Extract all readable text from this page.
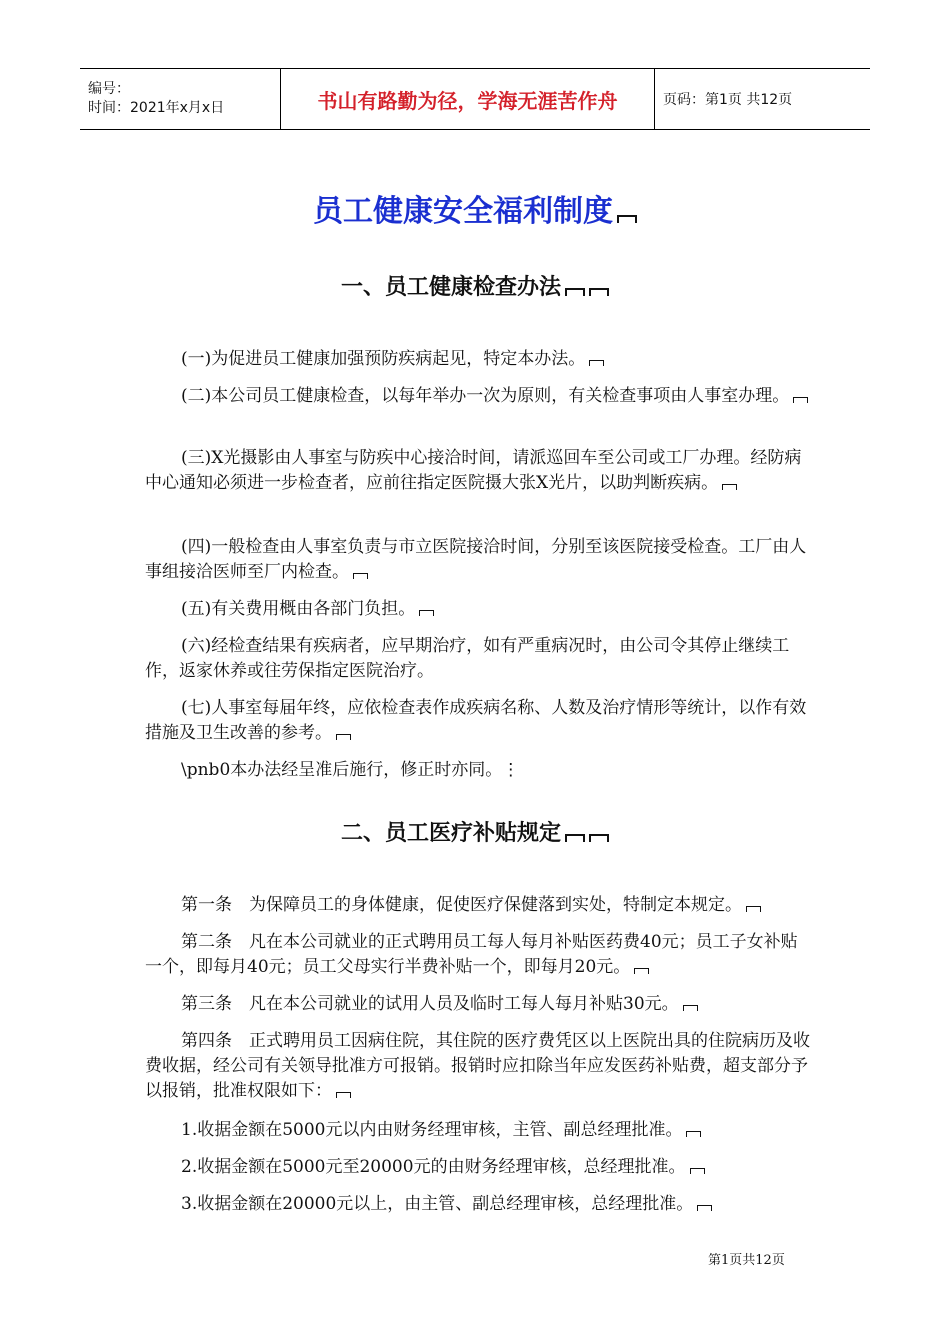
编号：
时间：2021年x月x日	书山有路勤为径，学海无涯苦作舟	页码：第1页 共12页
员工健康安全福利制度
一、员工健康检查办法

(一)为促进员工健康加强预防疾病起见，特定本办法。

(二)本公司员工健康检查，以每年举办一次为原则，有关检查事项由人事室办理。

(三)X光摄影由人事室与防疾中心接洽时间，请派巡回车至公司或工厂办理。经防病中心通知必须进一步检查者，应前往指定医院摄大张X光片，以助判断疾病。

(四)一般检查由人事室负责与市立医院接洽时间，分别至该医院接受检查。工厂由人事组接洽医师至厂内检查。

(五)有关费用概由各部门负担。

(六)经检查结果有疾病者，应早期治疗，如有严重病况时，由公司令其停止继续工作，返家休养或往劳保指定医院治疗。

(七)人事室每届年终，应依检查表作成疾病名称、人数及治疗情形等统计，以作有效措施及卫生改善的参考。

\pnb0本办法经呈准后施行，修正时亦同。⋮

二、员工医疗补贴规定

第一条　为保障员工的身体健康，促使医疗保健落到实处，特制定本规定。

第二条　凡在本公司就业的正式聘用员工每人每月补贴医药费40元；员工子女补贴一个，即每月40元；员工父母实行半费补贴一个，即每月20元。

第三条　凡在本公司就业的试用人员及临时工每人每月补贴30元。

第四条　正式聘用员工因病住院，其住院的医疗费凭区以上医院出具的住院病历及收费收据，经公司有关领导批准方可报销。报销时应扣除当年应发医药补贴费，超支部分予以报销，批准权限如下：

1.收据金额在5000元以内由财务经理审核，主管、副总经理批准。

2.收据金额在5000元至20000元的由财务经理审核，总经理批准。

3.收据金额在20000元以上，由主管、副总经理审核，总经理批准。

第1页共12页
